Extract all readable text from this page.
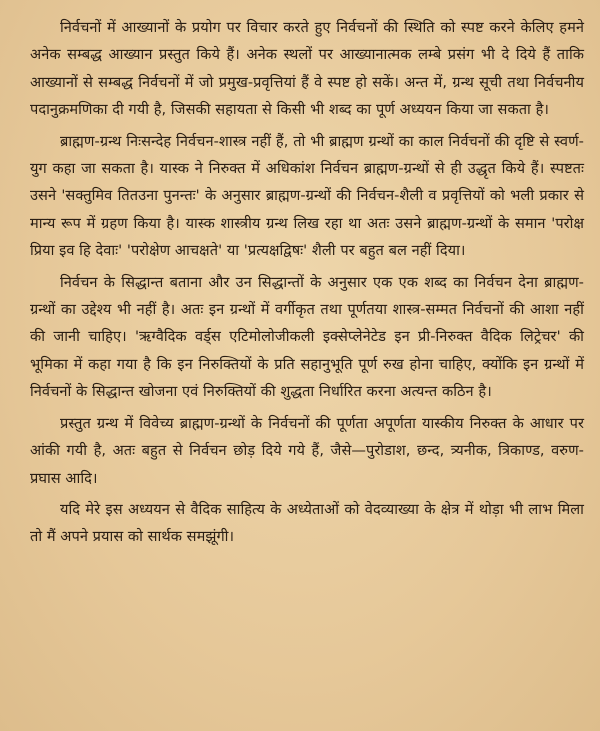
निर्वचनों में आख्यानों के प्रयोग पर विचार करते हुए निर्वचनों की स्थिति को स्पष्ट करने केलिए हमने अनेक सम्बद्ध आख्यान प्रस्तुत किये हैं। अनेक स्थलों पर आख्यानात्मक लम्बे प्रसंग भी दे दिये हैं ताकि आख्यानों से सम्बद्ध निर्वचनों में जो प्रमुख-प्रवृत्तियां हैं वे स्पष्ट हो सकें। अन्त में, ग्रन्थ सूची तथा निर्वचनीय पदानुक्रमणिका दी गयी है, जिसकी सहायता से किसी भी शब्द का पूर्ण अध्ययन किया जा सकता है।

ब्राह्मण-ग्रन्थ निःसन्देह निर्वचन-शास्त्र नहीं हैं, तो भी ब्राह्मण ग्रन्थों का काल निर्वचनों की दृष्टि से स्वर्ण-युग कहा जा सकता है। यास्क ने निरुक्त में अधिकांश निर्वचन ब्राह्मण-ग्रन्थों से ही उद्धृत किये हैं। स्पष्टतः उसने 'सक्तुमिव तितउना पुनन्तः' के अनुसार ब्राह्मण-ग्रन्थों की निर्वचन-शैली व प्रवृत्तियों को भली प्रकार से मान्य रूप में ग्रहण किया है। यास्क शास्त्रीय ग्रन्थ लिख रहा था अतः उसने ब्राह्मण-ग्रन्थों के समान 'परोक्ष प्रिया इव हि देवाः' 'परोक्षेण आचक्षते' या 'प्रत्यक्षद्विषः' शैली पर बहुत बल नहीं दिया।

निर्वचन के सिद्धान्त बताना और उन सिद्धान्तों के अनुसार एक एक शब्द का निर्वचन देना ब्राह्मण-ग्रन्थों का उद्देश्य भी नहीं है। अतः इन ग्रन्थों में वर्गीकृत तथा पूर्णतया शास्त्र-सम्मत निर्वचनों की आशा नहीं की जानी चाहिए। 'ऋग्वैदिक वर्ड्स एटिमोलोजीकली इक्सेप्लेनेटेड इन प्री-निरुक्त वैदिक लिट्रेचर' की भूमिका में कहा गया है कि इन निरुक्तियों के प्रति सहानुभूति पूर्ण रुख होना चाहिए, क्योंकि इन ग्रन्थों में निर्वचनों के सिद्धान्त खोजना एवं निरुक्तियों की शुद्धता निर्धारित करना अत्यन्त कठिन है।

प्रस्तुत ग्रन्थ में विवेच्य ब्राह्मण-ग्रन्थों के निर्वचनों की पूर्णता अपूर्णता यास्कीय निरुक्त के आधार पर आंकी गयी है, अतः बहुत से निर्वचन छोड़ दिये गये हैं, जैसे—पुरोडाश, छन्द, त्र्यनीक, त्रिकाण्ड, वरुण-प्रघास आदि।

यदि मेरे इस अध्ययन से वैदिक साहित्य के अध्येताओं को वेदव्याख्या के क्षेत्र में थोड़ा भी लाभ मिला तो मैं अपने प्रयास को सार्थक समझूंगी।
